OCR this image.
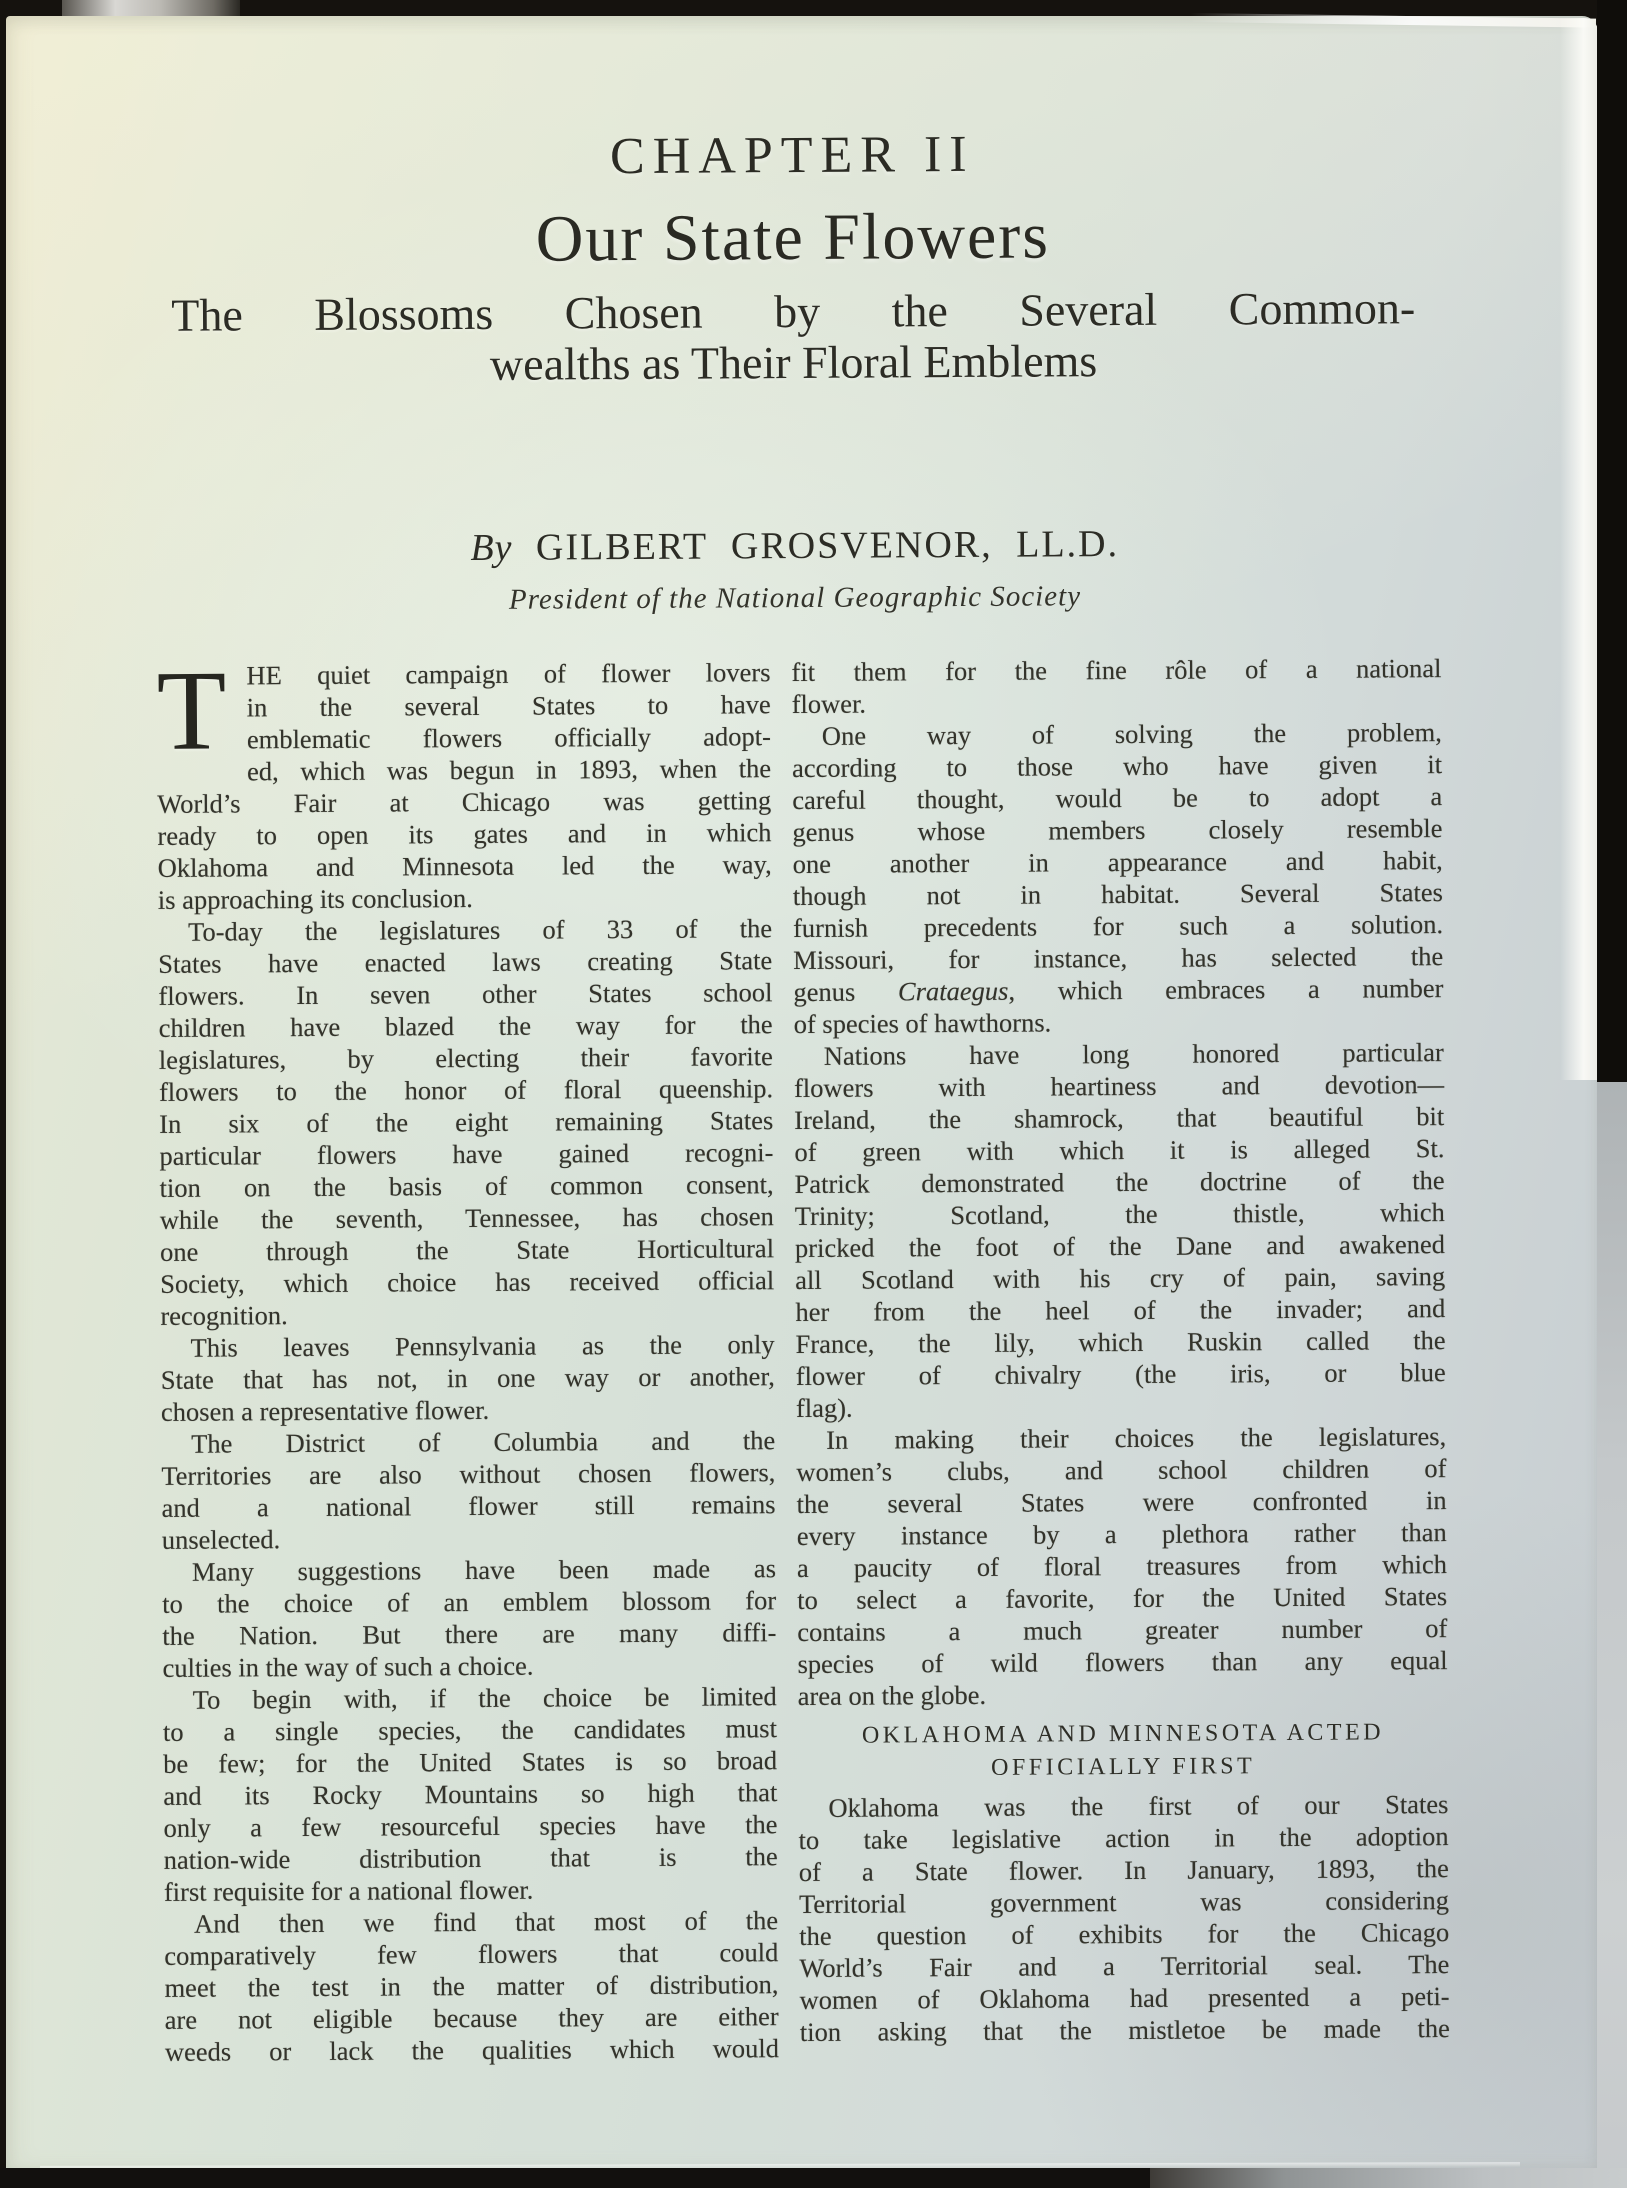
CHAPTER II
Our State Flowers
The Blossoms Chosen by the Several Common-
wealths as Their Floral Emblems
By GILBERT GROSVENOR, LL.D.
President of the National Geographic Society
T HE quiet campaign of flower lovers
in the several States to have
emblematic flowers officially adopt-
ed, which was begun in 1893, when the
World’s Fair at Chicago was getting
ready to open its gates and in which
Oklahoma and Minnesota led the way,
is approaching its conclusion.
To-day the legislatures of 33 of the
States have enacted laws creating State
flowers. In seven other States school
children have blazed the way for the
legislatures, by electing their favorite
flowers to the honor of floral queenship.
In six of the eight remaining States
particular flowers have gained recogni-
tion on the basis of common consent,
while the seventh, Tennessee, has chosen
one through the State Horticultural
Society, which choice has received official
recognition.
This leaves Pennsylvania as the only
State that has not, in one way or another,
chosen a representative flower.
The District of Columbia and the
Territories are also without chosen flowers,
and a national flower still remains
unselected.
Many suggestions have been made as
to the choice of an emblem blossom for
the Nation. But there are many diffi-
culties in the way of such a choice.
To begin with, if the choice be limited
to a single species, the candidates must
be few; for the United States is so broad
and its Rocky Mountains so high that
only a few resourceful species have the
nation-wide distribution that is the
first requisite for a national flower.
And then we find that most of the
comparatively few flowers that could
meet the test in the matter of distribution,
are not eligible because they are either
weeds or lack the qualities which would
fit them for the fine rôle of a national
flower.
One way of solving the problem,
according to those who have given it
careful thought, would be to adopt a
genus whose members closely resemble
one another in appearance and habit,
though not in habitat. Several States
furnish precedents for such a solution.
Missouri, for instance, has selected the
genus Crataegus, which embraces a number
of species of hawthorns.
Nations have long honored particular
flowers with heartiness and devotion—
Ireland, the shamrock, that beautiful bit
of green with which it is alleged St.
Patrick demonstrated the doctrine of the
Trinity; Scotland, the thistle, which
pricked the foot of the Dane and awakened
all Scotland with his cry of pain, saving
her from the heel of the invader; and
France, the lily, which Ruskin called the
flower of chivalry (the iris, or blue
flag).
In making their choices the legislatures,
women’s clubs, and school children of
the several States were confronted in
every instance by a plethora rather than
a paucity of floral treasures from which
to select a favorite, for the United States
contains a much greater number of
species of wild flowers than any equal
area on the globe.
OKLAHOMA AND MINNESOTA ACTED
OFFICIALLY FIRST
Oklahoma was the first of our States
to take legislative action in the adoption
of a State flower. In January, 1893, the
Territorial government was considering
the question of exhibits for the Chicago
World’s Fair and a Territorial seal. The
women of Oklahoma had presented a peti-
tion asking that the mistletoe be made the
